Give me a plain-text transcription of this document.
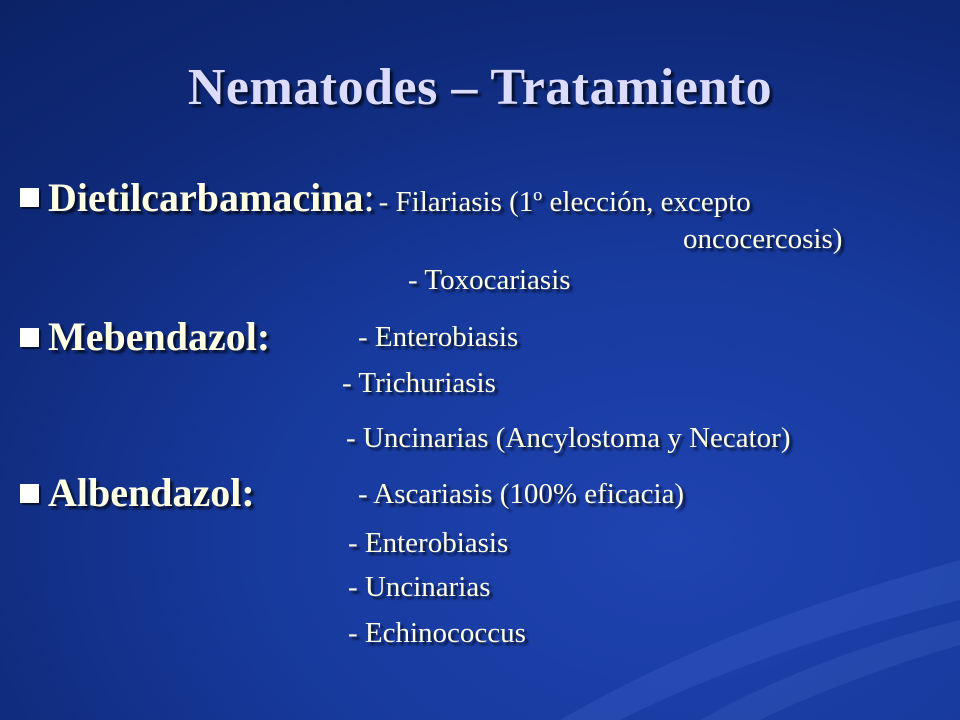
Nematodes – Tratamiento
Dietilcarbamacina: - Filariasis (1º elección, excepto
oncocercosis)
- Toxocariasis
Mebendazol:	- Enterobiasis
- Trichuriasis
- Uncinarias (Ancylostoma y Necator)
Albendazol:	- Ascariasis (100% eficacia)
- Enterobiasis
- Uncinarias
- Echinococcus
